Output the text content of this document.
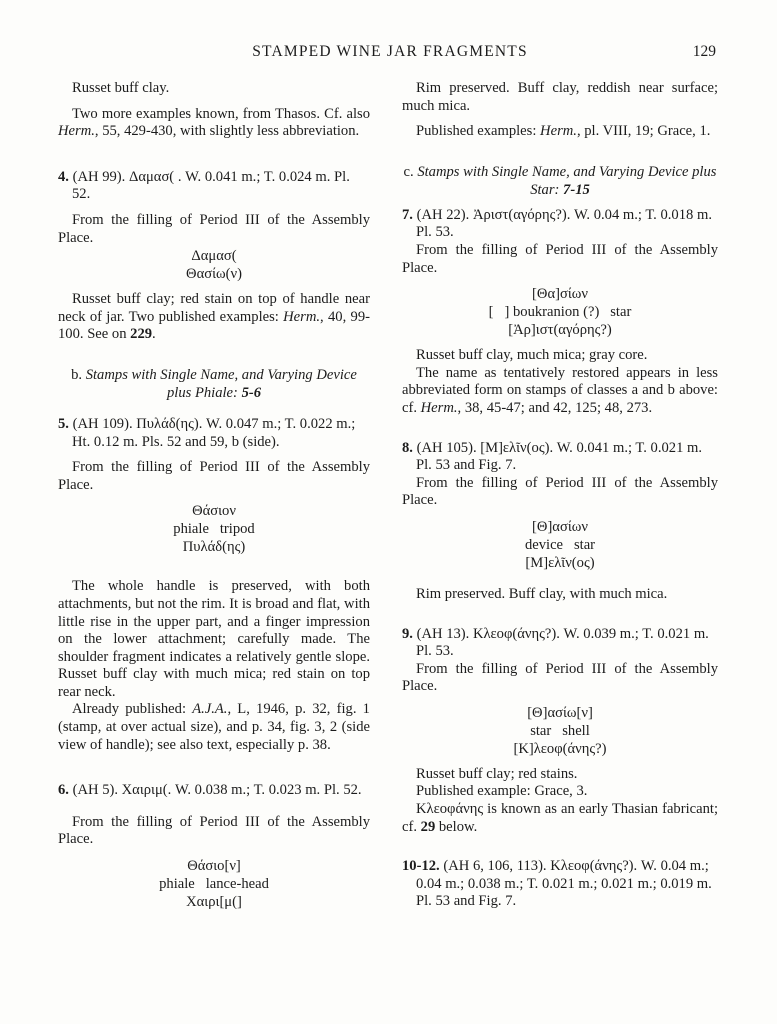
STAMPED WINE JAR FRAGMENTS	129

Russet buff clay.

Two more examples known, from Thasos. Cf. also Herm., 55, 429-430, with slightly less abbreviation.

4. (AH 99). Δαμασ( . W. 0.041 m.; T. 0.024 m. Pl. 52.

From the filling of Period III of the Assembly Place.

Δαμασ(
Θασίω(ν)

Russet buff clay; red stain on top of handle near neck of jar. Two published examples: Herm., 40, 99-100. See on 229.

b. Stamps with Single Name, and Varying Device plus Phiale: 5-6

5. (AH 109). Πυλάδ(ης). W. 0.047 m.; T. 0.022 m.; Ht. 0.12 m. Pls. 52 and 59, b (side).

From the filling of Period III of the Assembly Place.

Θάσιον
phiale   tripod
Πυλάδ(ης)

The whole handle is preserved, with both attachments, but not the rim. It is broad and flat, with little rise in the upper part, and a finger impression on the lower attachment; carefully made. The shoulder fragment indicates a relatively gentle slope. Russet buff clay with much mica; red stain on top rear neck.

Already published: A.J.A., L, 1946, p. 32, fig. 1 (stamp, at over actual size), and p. 34, fig. 3, 2 (side view of handle); see also text, especially p. 38.

6. (AH 5). Χαιριμ(. W. 0.038 m.; T. 0.023 m. Pl. 52.

From the filling of Period III of the Assembly Place.

Θάσιο[ν]
phiale   lance-head
Χαιρι[μ(]

Rim preserved. Buff clay, reddish near surface; much mica.

Published examples: Herm., pl. VIII, 19; Grace, 1.

c. Stamps with Single Name, and Varying Device plus Star: 7-15

7. (AH 22). Ἀριστ(αγόρης?). W. 0.04 m.; T. 0.018 m. Pl. 53.

From the filling of Period III of the Assembly Place.

[Θα]σίων
[   ] boukranion (?)   star
[Ἀρ]ιστ(αγόρης?)

Russet buff clay, much mica; gray core.

The name as tentatively restored appears in less abbreviated form on stamps of classes a and b above: cf. Herm., 38, 45-47; and 42, 125; 48, 273.

8. (AH 105). [Μ]ελῖν(ος). W. 0.041 m.; T. 0.021 m. Pl. 53 and Fig. 7.

From the filling of Period III of the Assembly Place.

[Θ]ασίων
device   star
[Μ]ελῖν(ος)

Rim preserved. Buff clay, with much mica.

9. (AH 13). Κλεοφ(άνης?). W. 0.039 m.; T. 0.021 m. Pl. 53.

From the filling of Period III of the Assembly Place.

[Θ]ασίω[ν]
star   shell
[Κ]λεοφ(άνης?)

Russet buff clay; red stains.

Published example: Grace, 3.

Κλεοφάνης is known as an early Thasian fabricant; cf. 29 below.

10-12. (AH 6, 106, 113). Κλεοφ(άνης?). W. 0.04 m.; 0.04 m.; 0.038 m.; T. 0.021 m.; 0.021 m.; 0.019 m. Pl. 53 and Fig. 7.
